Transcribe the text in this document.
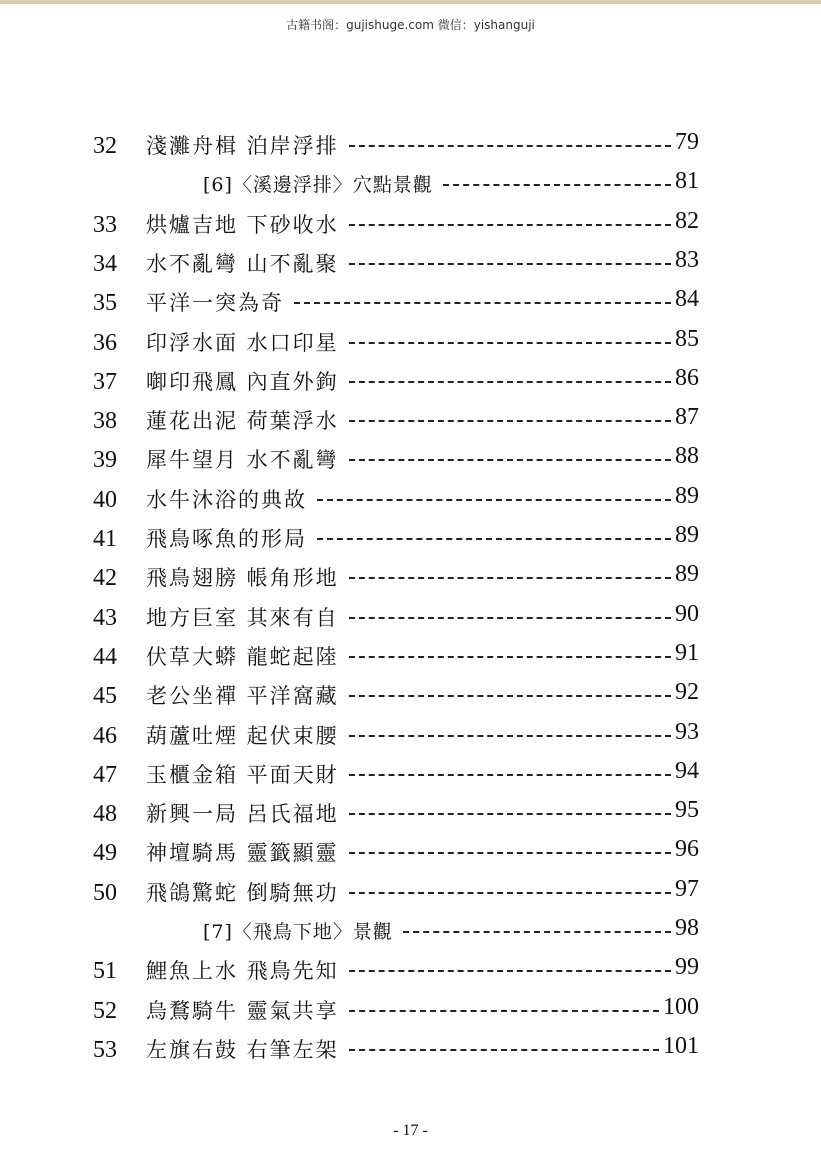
古籍书阁：gujishuge.com 微信：yishanguji
32	淺灘舟楫 泊岸浮排	79
[6]〈溪邊浮排〉穴點景觀	81
33	烘爐吉地 下砂收水	82
34	水不亂彎 山不亂聚	83
35	平洋一突為奇	84
36	印浮水面 水口印星	85
37	啣印飛鳳 內直外鉤	86
38	蓮花出泥 荷葉浮水	87
39	犀牛望月 水不亂彎	88
40	水牛沐浴的典故	89
41	飛鳥啄魚的形局	89
42	飛鳥翅膀 帳角形地	89
43	地方巨室 其來有自	90
44	伏草大蟒 龍蛇起陸	91
45	老公坐禪 平洋窩藏	92
46	葫蘆吐煙 起伏束腰	93
47	玉櫃金箱 平面天財	94
48	新興一局 呂氏福地	95
49	神壇騎馬 靈籤顯靈	96
50	飛鴿驚蛇 倒騎無功	97
[7]〈飛鳥下地〉景觀	98
51	鯉魚上水 飛鳥先知	99
52	烏鶩騎牛 靈氣共享	100
53	左旗右鼓 右筆左架	101
- 17 -
